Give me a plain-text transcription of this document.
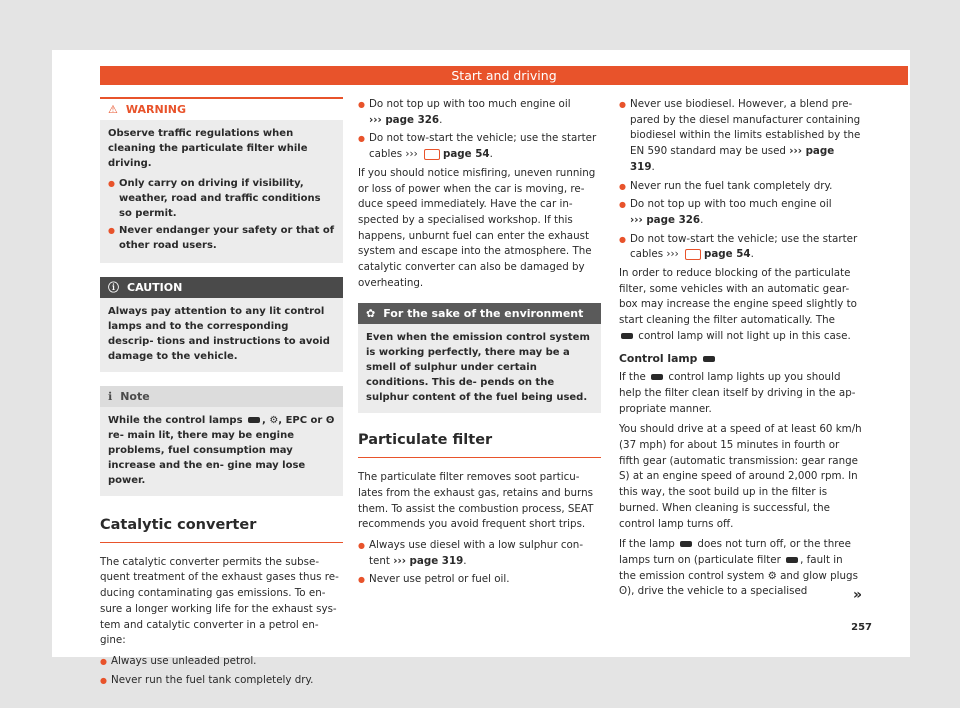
Start and driving
⚠ WARNING

Observe traffic regulations when cleaning the particulate filter while driving.

● Only carry on driving if visibility, weather, road and traffic conditions so permit.

● Never endanger your safety or that of other road users.

ⓘ CAUTION
Always pay attention to any lit control lamps and to the corresponding descrip- tions and instructions to avoid damage to the vehicle.
ℹ Note
While the control lamps , ⚙, EPC or ʘ re- main lit, there may be engine problems, fuel consumption may increase and the en- gine may lose power.
Catalytic converter

The catalytic converter permits the subse- quent treatment of the exhaust gases thus re- ducing contaminating gas emissions. To en- sure a longer working life for the exhaust sys- tem and catalytic converter in a petrol en- gine:

● Always use unleaded petrol.

● Never run the fuel tank completely dry.

● Do not top up with too much engine oil
››› page 326.

● Do not tow-start the vehicle; use the starter cables ››› page 54.

If you should notice misfiring, uneven running or loss of power when the car is moving, re- duce speed immediately. Have the car in- spected by a specialised workshop. If this happens, unburnt fuel can enter the exhaust system and escape into the atmosphere. The catalytic converter can also be damaged by overheating.

✿ For the sake of the environment
Even when the emission control system is working perfectly, there may be a smell of sulphur under certain conditions. This de- pends on the sulphur content of the fuel being used.
Particulate filter

The particulate filter removes soot particu- lates from the exhaust gas, retains and burns them. To assist the combustion process, SEAT recommends you avoid frequent short trips.

● Always use diesel with a low sulphur con- tent ››› page 319.

● Never use petrol or fuel oil.

● Never use biodiesel. However, a blend pre- pared by the diesel manufacturer containing biodiesel within the limits established by the EN 590 standard may be used ››› page 319.

● Never run the fuel tank completely dry.

● Do not top up with too much engine oil
››› page 326.

● Do not tow-start the vehicle; use the starter cables ››› page 54.

In order to reduce blocking of the particulate filter, some vehicles with an automatic gear- box may increase the engine speed slightly to start cleaning the filter automatically. The
control lamp will not light up in this case.

Control lamp

If the control lamp lights up you should help the filter clean itself by driving in the ap- propriate manner.

You should drive at a speed of at least 60 km/h (37 mph) for about 15 minutes in fourth or fifth gear (automatic transmission: gear range S) at an engine speed of around 2,000 rpm. In this way, the soot build up in the filter is burned. When cleaning is successful, the control lamp turns off.

If the lamp does not turn off, or the three lamps turn on (particulate filter , fault in the emission control system ⚙ and glow plugs ʘ), drive the vehicle to a specialised	»
257
